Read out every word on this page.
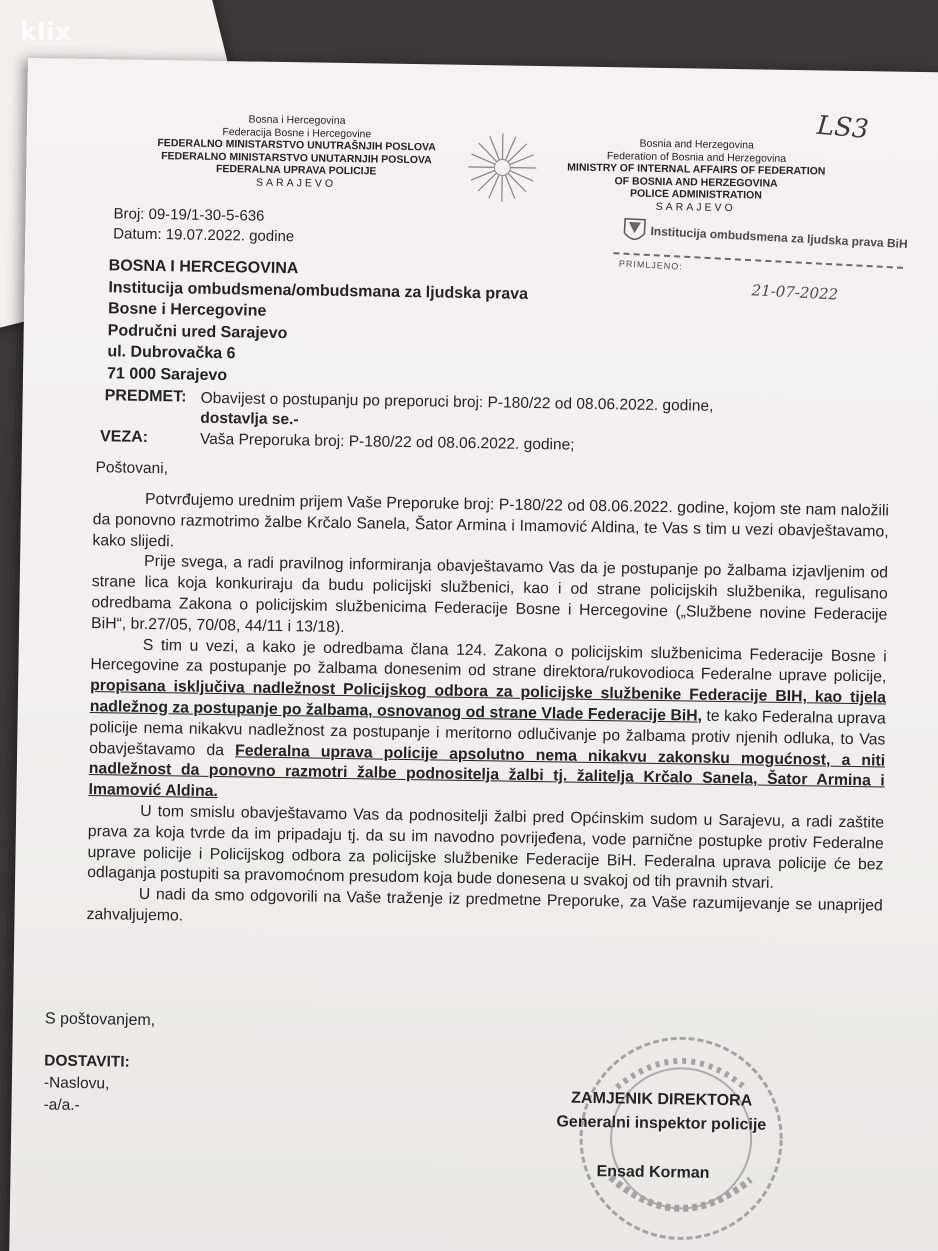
Bosna i Hercegovina
Federacija Bosne i Hercegovine
FEDERALNO MINISTARSTVO UNUTRAŠNJIH POSLOVA
FEDERALNO MINISTARSTVO UNUTARNJIH POSLOVA
FEDERALNA UPRAVA POLICIJE
SARAJEVO
Bosnia and Herzegovina
Federation of Bosnia and Herzegovina
MINISTRY OF INTERNAL AFFAIRS OF FEDERATION
OF BOSNIA AND HERZEGOVINA
POLICE ADMINISTRATION
SARAJEVO
LS3
Institucija ombudsmena za ljudska prava BiH
PRIMLJENO:
21-07-2022
Broj: 09-19/1-30-5-636
Datum: 19.07.2022. godine
BOSNA I HERCEGOVINA
Institucija ombudsmena/ombudsmana za ljudska prava
Bosne i Hercegovine
Područni ured Sarajevo
ul. Dubrovačka 6
71 000 Sarajevo
PREDMET: Obavijest o postupanju po preporuci broj: P-180/22 od 08.06.2022. godine,
dostavlja se.-
VEZA:	Vaša Preporuka broj: P-180/22 od 08.06.2022. godine;
Poštovani,

Potvrđujemo urednim prijem Vaše Preporuke broj: P-180/22 od 08.06.2022. godine, kojom ste nam naložili da ponovno razmotrimo žalbe Krčalo Sanela, Šator Armina i Imamović Aldina, te Vas s tim u vezi obavještavamo, kako slijedi.

Prije svega, a radi pravilnog informiranja obavještavamo Vas da je postupanje po žalbama izjavljenim od strane lica koja konkuriraju da budu policijski službenici, kao i od strane policijskih službenika, regulisano odredbama Zakona o policijskim službenicima Federacije Bosne i Hercegovine („Službene novine Federacije BiH“, br.27/05, 70/08, 44/11 i 13/18).

S tim u vezi, a kako je odredbama člana 124. Zakona o policijskim službenicima Federacije Bosne i Hercegovine za postupanje po žalbama donesenim od strane direktora/rukovodioca Federalne uprave policije, propisana isključiva nadležnost Policijskog odbora za policijske službenike Federacije BIH, kao tijela nadležnog za postupanje po žalbama, osnovanog od strane Vlade Federacije BiH, te kako Federalna uprava policije nema nikakvu nadležnost za postupanje i meritorno odlučivanje po žalbama protiv njenih odluka, to Vas obavještavamo da Federalna uprava policije apsolutno nema nikakvu zakonsku mogućnost, a niti nadležnost da ponovno razmotri žalbe podnositelja žalbi tj. žalitelja Krčalo Sanela, Šator Armina i Imamović Aldina.

U tom smislu obavještavamo Vas da podnositelji žalbi pred Općinskim sudom u Sarajevu, a radi zaštite prava za koja tvrde da im pripadaju tj. da su im navodno povrijeđena, vode parnične postupke protiv Federalne uprave policije i Policijskog odbora za policijske službenike Federacije BiH. Federalna uprava policije će bez odlaganja postupiti sa pravomoćnom presudom koja bude donesena u svakoj od tih pravnih stvari.

U nadi da smo odgovorili na Vaše traženje iz predmetne Preporuke, za Vaše razumijevanje se unaprijed zahvaljujemo.

S poštovanjem,
DOSTAVITI:
-Naslovu,
-a/a.-	ZAMJENIK DIREKTORA
Generalni inspektor policije
Ensad Korman
klix
